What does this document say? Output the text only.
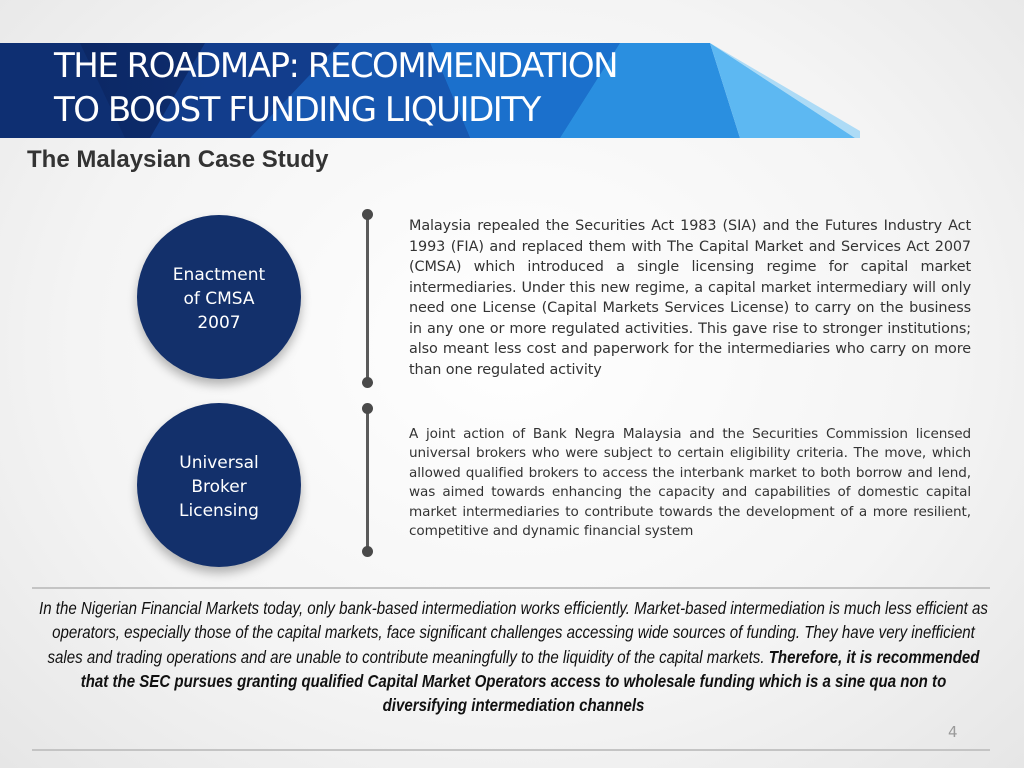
THE ROADMAP: RECOMMENDATION
TO BOOST FUNDING LIQUIDITY
The Malaysian Case Study
Enactment of CMSA 2007

Malaysia repealed the Securities Act 1983 (SIA) and the Futures Industry Act 1993 (FIA) and replaced them with The Capital Market and Services Act 2007 (CMSA) which introduced a single licensing regime for capital market intermediaries. Under this new regime, a capital market intermediary will only need one License (Capital Markets Services License) to carry on the business in any one or more regulated activities. This gave rise to stronger institutions; also meant less cost and paperwork for the intermediaries who carry on more than one regulated activity

Universal Broker Licensing

A joint action of Bank Negra Malaysia and the Securities Commission licensed universal brokers who were subject to certain eligibility criteria. The move, which allowed qualified brokers to access the interbank market to both borrow and lend, was aimed towards enhancing the capacity and capabilities of domestic capital market intermediaries to contribute towards the development of a more resilient, competitive and dynamic financial system

In the Nigerian Financial Markets today, only bank-based intermediation works efficiently. Market-based intermediation is much less efficient as operators, especially those of the capital markets, face significant challenges accessing wide sources of funding. They have very inefficient sales and trading operations and are unable to contribute meaningfully to the liquidity of the capital markets. Therefore, it is recommended that the SEC pursues granting qualified Capital Market Operators access to wholesale funding which is a sine qua non to diversifying intermediation channels

4
